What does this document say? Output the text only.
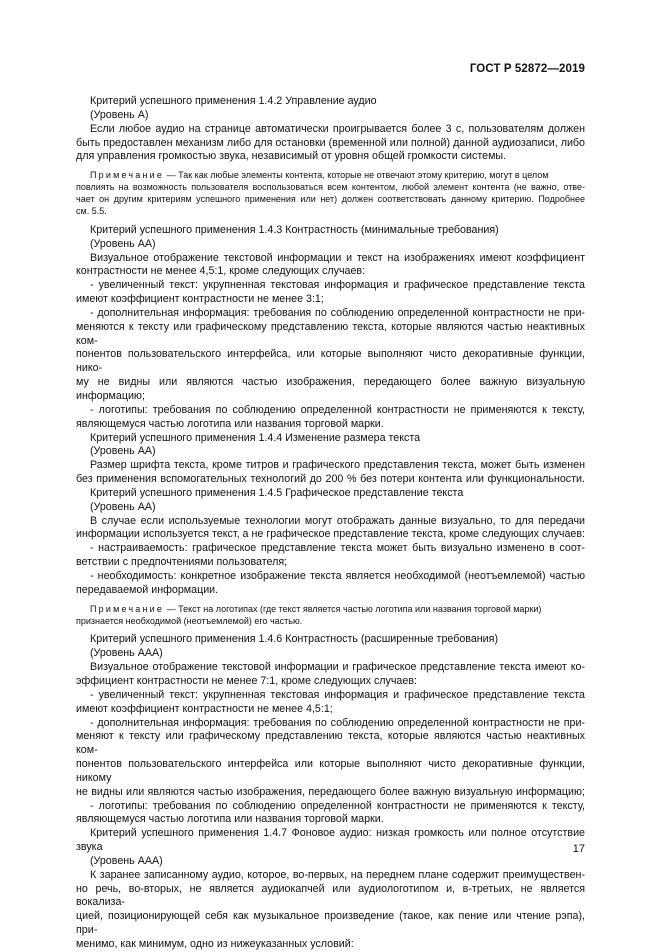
ГОСТ Р 52872—2019
Критерий успешного применения 1.4.2 Управление аудио
(Уровень А)
Если любое аудио на странице автоматически проигрывается более 3 с, пользователям должен
быть предоставлен механизм либо для остановки (временной или полной) данной аудиозаписи, либо
для управления громкостью звука, независимый от уровня общей громкости системы.
Примечание — Так как любые элементы контента, которые не отвечают этому критерию, могут в целом
повлиять на возможность пользователя воспользоваться всем контентом, любой элемент контента (не важно, отве-
чает он другим критериям успешного применения или нет) должен соответствовать данному критерию. Подробнее
см. 5.5.
Критерий успешного применения 1.4.3 Контрастность (минимальные требования)
(Уровень АА)
Визуальное отображение текстовой информации и текст на изображениях имеют коэффициент
контрастности не менее 4,5:1, кроме следующих случаев:
- увеличенный текст: укрупненная текстовая информация и графическое представление текста
имеют коэффициент контрастности не менее 3:1;
- дополнительная информация: требования по соблюдению определенной контрастности не при-
меняются к тексту или графическому представлению текста, которые являются частью неактивных ком-
понентов пользовательского интерфейса, или которые выполняют чисто декоративные функции, нико-
му не видны или являются частью изображения, передающего более важную визуальную информацию;
- логотипы: требования по соблюдению определенной контрастности не применяются к тексту,
являющемуся частью логотипа или названия торговой марки.
Критерий успешного применения 1.4.4 Изменение размера текста
(Уровень АА)
Размер шрифта текста, кроме титров и графического представления текста, может быть изменен
без применения вспомогательных технологий до 200 % без потери контента или функциональности.
Критерий успешного применения 1.4.5 Графическое представление текста
(Уровень АА)
В случае если используемые технологии могут отображать данные визуально, то для передачи
информации используется текст, а не графическое представление текста, кроме следующих случаев:
- настраиваемость: графическое представление текста может быть визуально изменено в соот-
ветствии с предпочтениями пользователя;
- необходимость: конкретное изображение текста является необходимой (неотъемлемой) частью
передаваемой информации.
Примечание — Текст на логотипах (где текст является частью логотипа или названия торговой марки)
признается необходимой (неотъемлемой) его частью.
Критерий успешного применения 1.4.6 Контрастность (расширенные требования)
(Уровень ААА)
Визуальное отображение текстовой информации и графическое представление текста имеют ко-
эффициент контрастности не менее 7:1, кроме следующих случаев:
- увеличенный текст: укрупненная текстовая информация и графическое представление текста
имеют коэффициент контрастности не менее 4,5:1;
- дополнительная информация: требования по соблюдению определенной контрастности не при-
меняют к тексту или графическому представлению текста, которые являются частью неактивных ком-
понентов пользовательского интерфейса или которые выполняют чисто декоративные функции, никому
не видны или являются частью изображения, передающего более важную визуальную информацию;
- логотипы: требования по соблюдению определенной контрастности не применяются к тексту,
являющемуся частью логотипа или названия торговой марки.
Критерий успешного применения 1.4.7 Фоновое аудио: низкая громкость или полное отсутствие
звука
(Уровень ААА)
К заранее записанному аудио, которое, во-первых, на переднем плане содержит преимуществен-
но речь, во-вторых, не является аудиокапчей или аудиологотипом и, в-третьих, не является вокализа-
цией, позиционирующей себя как музыкальное произведение (такое, как пение или чтение рэпа), при-
менимо, как минимум, одно из нижеуказанных условий:
17
